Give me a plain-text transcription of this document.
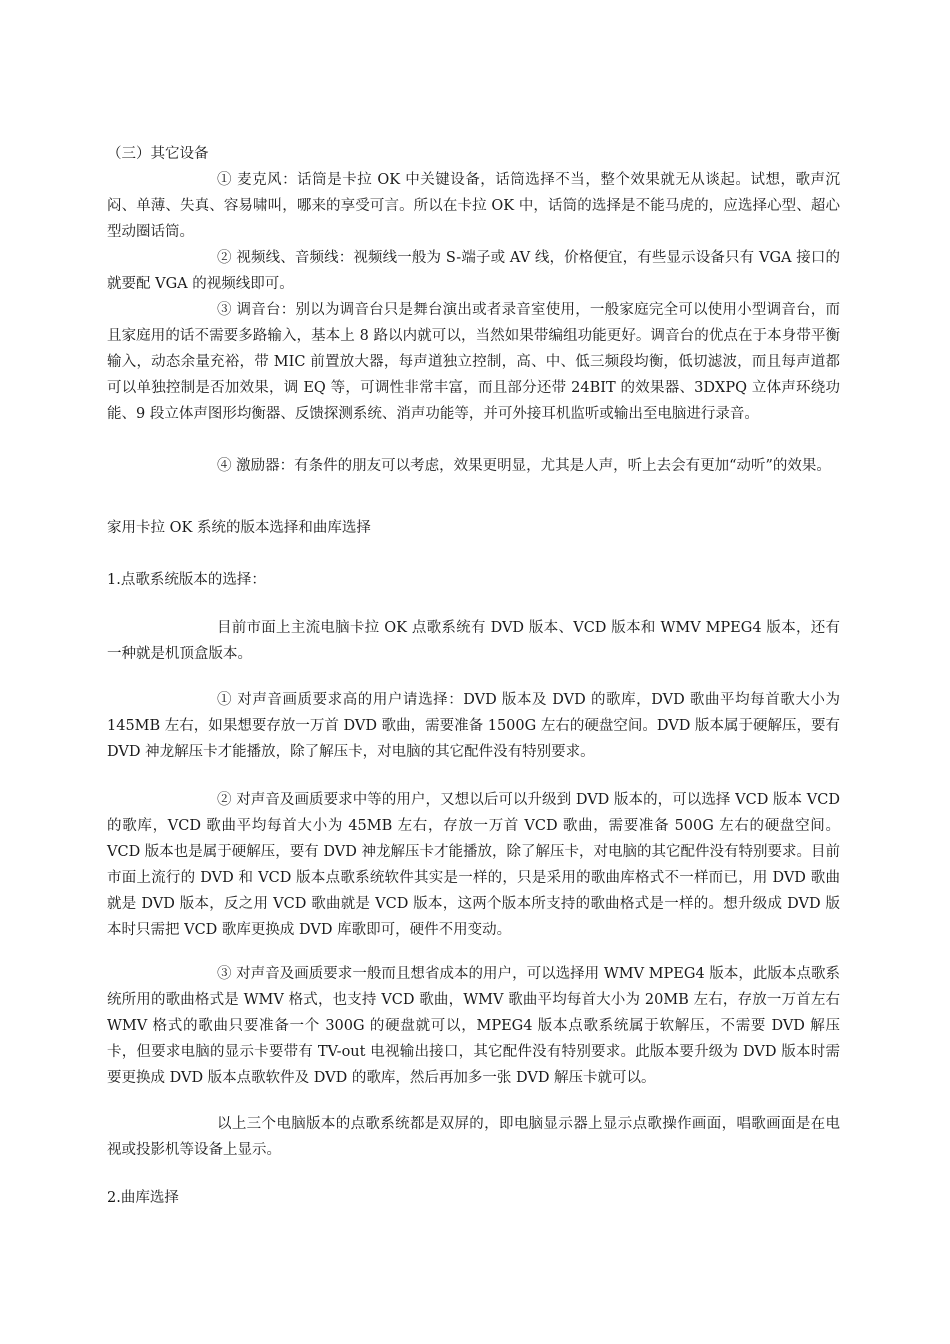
（三）其它设备

① 麦克风：话筒是卡拉 OK 中关键设备，话筒选择不当，整个效果就无从谈起。试想，歌声沉闷、单薄、失真、容易啸叫，哪来的享受可言。所以在卡拉 OK 中，话筒的选择是不能马虎的，应选择心型、超心型动圈话筒。

② 视频线、音频线：视频线一般为 S-端子或 AV 线，价格便宜，有些显示设备只有 VGA 接口的就要配 VGA 的视频线即可。

③ 调音台：别以为调音台只是舞台演出或者录音室使用，一般家庭完全可以使用小型调音台，而且家庭用的话不需要多路输入，基本上 8 路以内就可以，当然如果带编组功能更好。调音台的优点在于本身带平衡输入，动态余量充裕，带 MIC 前置放大器，每声道独立控制，高、中、低三频段均衡，低切滤波，而且每声道都可以单独控制是否加效果，调 EQ 等，可调性非常丰富，而且部分还带 24BIT 的效果器、3DXPQ 立体声环绕功能、9 段立体声图形均衡器、反馈探测系统、消声功能等，并可外接耳机监听或输出至电脑进行录音。

④ 激励器：有条件的朋友可以考虑，效果更明显，尤其是人声，听上去会有更加“动听”的效果。

家用卡拉 OK 系统的版本选择和曲库选择

1.点歌系统版本的选择：

目前市面上主流电脑卡拉 OK 点歌系统有 DVD 版本、VCD 版本和 WMV MPEG4 版本，还有一种就是机顶盒版本。

① 对声音画质要求高的用户请选择：DVD 版本及 DVD 的歌库，DVD 歌曲平均每首歌大小为 145MB 左右，如果想要存放一万首 DVD 歌曲，需要准备 1500G 左右的硬盘空间。DVD 版本属于硬解压，要有 DVD 神龙解压卡才能播放，除了解压卡，对电脑的其它配件没有特别要求。

② 对声音及画质要求中等的用户，又想以后可以升级到 DVD 版本的，可以选择 VCD 版本 VCD 的歌库，VCD 歌曲平均每首大小为 45MB 左右，存放一万首 VCD 歌曲，需要准备 500G 左右的硬盘空间。VCD 版本也是属于硬解压，要有 DVD 神龙解压卡才能播放，除了解压卡，对电脑的其它配件没有特别要求。目前市面上流行的 DVD 和 VCD 版本点歌系统软件其实是一样的，只是采用的歌曲库格式不一样而已，用 DVD 歌曲就是 DVD 版本，反之用 VCD 歌曲就是 VCD 版本，这两个版本所支持的歌曲格式是一样的。想升级成 DVD 版本时只需把 VCD 歌库更换成 DVD 库歌即可，硬件不用变动。

③ 对声音及画质要求一般而且想省成本的用户，可以选择用 WMV MPEG4 版本，此版本点歌系统所用的歌曲格式是 WMV 格式，也支持 VCD 歌曲，WMV 歌曲平均每首大小为 20MB 左右，存放一万首左右 WMV 格式的歌曲只要准备一个 300G 的硬盘就可以，MPEG4 版本点歌系统属于软解压，不需要 DVD 解压卡，但要求电脑的显示卡要带有 TV-out 电视输出接口，其它配件没有特别要求。此版本要升级为 DVD 版本时需要更换成 DVD 版本点歌软件及 DVD 的歌库，然后再加多一张 DVD 解压卡就可以。

以上三个电脑版本的点歌系统都是双屏的，即电脑显示器上显示点歌操作画面，唱歌画面是在电视或投影机等设备上显示。

2.曲库选择
